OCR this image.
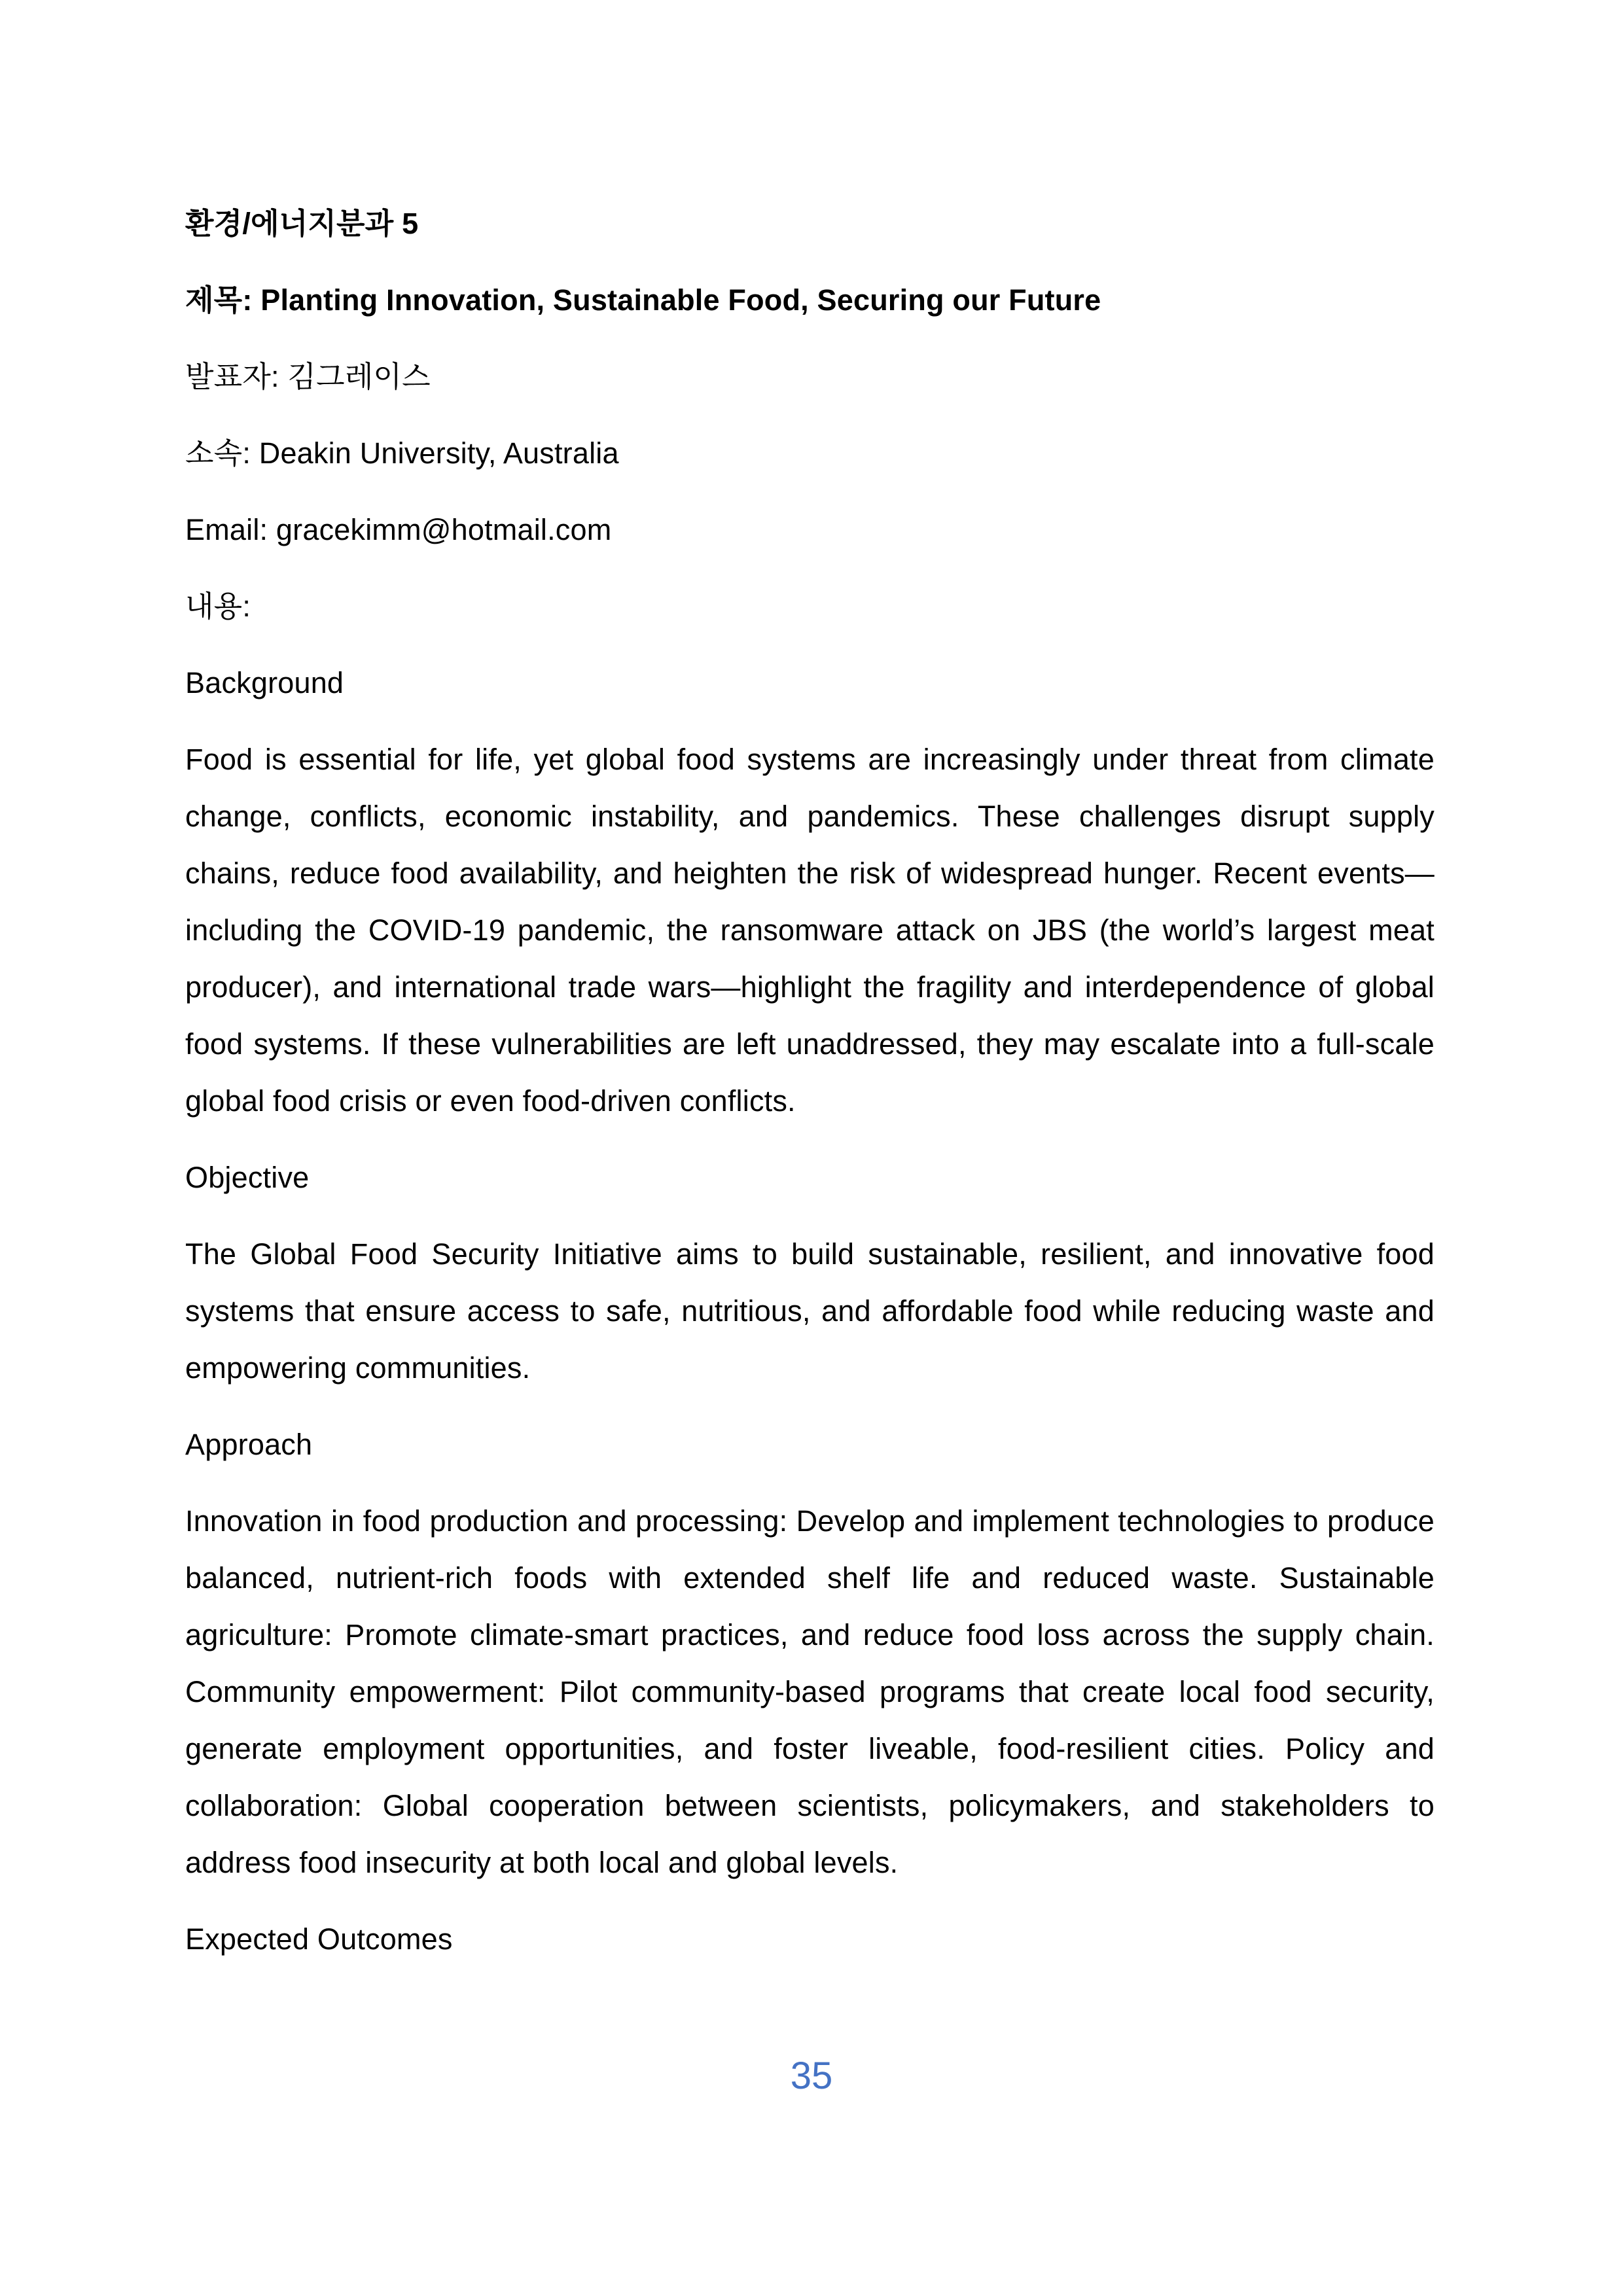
환경/에너지분과 5

제목: Planting Innovation, Sustainable Food, Securing our Future

발표자: 김그레이스

소속: Deakin University, Australia

Email: gracekimm@hotmail.com

내용:

Background

Food is essential for life, yet global food systems are increasingly under threat from climate change, conflicts, economic instability, and pandemics. These challenges disrupt supply chains, reduce food availability, and heighten the risk of widespread hunger. Recent events—including the COVID-19 pandemic, the ransomware attack on JBS (the world’s largest meat producer), and international trade wars—highlight the fragility and interdependence of global food systems. If these vulnerabilities are left unaddressed, they may escalate into a full-scale global food crisis or even food-driven conflicts.

Objective

The Global Food Security Initiative aims to build sustainable, resilient, and innovative food systems that ensure access to safe, nutritious, and affordable food while reducing waste and empowering communities.

Approach

Innovation in food production and processing: Develop and implement technologies to produce balanced, nutrient-rich foods with extended shelf life and reduced waste. Sustainable agriculture: Promote climate-smart practices, and reduce food loss across the supply chain. Community empowerment: Pilot community-based programs that create local food security, generate employment opportunities, and foster liveable, food-resilient cities. Policy and collaboration: Global cooperation between scientists, policymakers, and stakeholders to address food insecurity at both local and global levels.

Expected Outcomes

35
